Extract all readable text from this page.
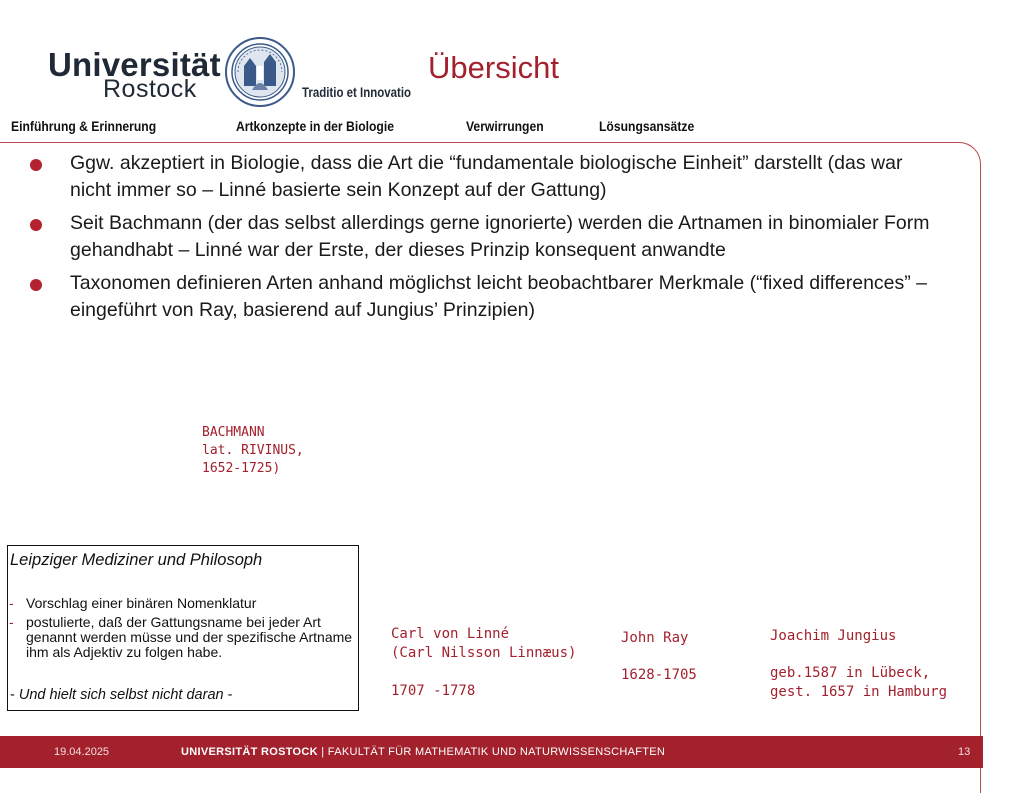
Universität
Rostock	Traditio et Innovatio
Übersicht
Einführung & Erinnerung	Artkonzepte in der Biologie	Verwirrungen	Lösungsansätze
Ggw. akzeptiert in Biologie, dass die Art die “fundamentale biologische Einheit” darstellt (das war nicht immer so – Linné basierte sein Konzept auf der Gattung)
Seit Bachmann (der das selbst allerdings gerne ignorierte) werden die Artnamen in binomialer Form gehandhabt – Linné war der Erste, der dieses Prinzip konsequent anwandte
Taxonomen definieren Arten anhand möglichst leicht beobachtbarer Merkmale (“fixed differences” – eingeführt von Ray, basierend auf Jungius’ Prinzipien)
BACHMANN
lat. RIVINUS,
1652-1725)
Leipziger Mediziner und Philosoph
- Vorschlag einer binären Nomenklatur
- postulierte, daß der Gattungsname bei jeder Art genannt werden müsse und der spezifische Artname ihm als Adjektiv zu folgen habe.
- Und hielt sich selbst nicht daran -
Carl von Linné
(Carl Nilsson Linnæus)
1707 -1778
John Ray
1628-1705
Joachim Jungius
geb.1587 in Lübeck,
gest. 1657 in Hamburg
19.04.2025	UNIVERSITÄT ROSTOCK | FAKULTÄT FÜR MATHEMATIK UND NATURWISSENSCHAFTEN	13
